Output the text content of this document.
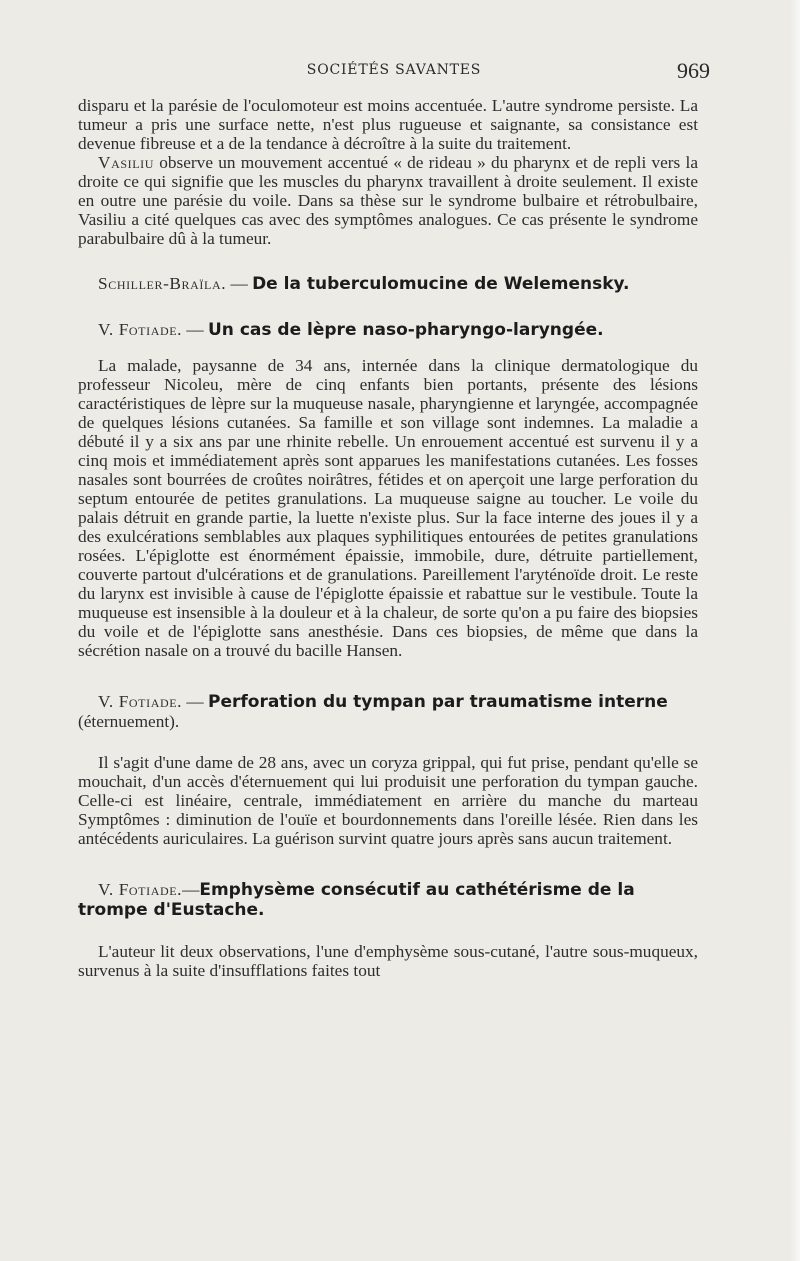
SOCIÉTÉS SAVANTES	969

disparu et la parésie de l'oculomoteur est moins accentuée. L'autre syndrome persiste. La tumeur a pris une surface nette, n'est plus rugueuse et saignante, sa consistance est devenue fibreuse et a de la tendance à décroître à la suite du traitement.

Vasiliu observe un mouvement accentué « de rideau » du pharynx et de repli vers la droite ce qui signifie que les muscles du pharynx travaillent à droite seulement. Il existe en outre une parésie du voile. Dans sa thèse sur le syndrome bulbaire et rétrobulbaire, Vasiliu a cité quelques cas avec des symptômes analogues. Ce cas présente le syndrome parabulbaire dû à la tumeur.

Schiller-Braïla. — De la tuberculomucine de Welemensky.

V. Fotiade. — Un cas de lèpre naso-pharyngo-laryngée.

La malade, paysanne de 34 ans, internée dans la clinique dermatologique du professeur Nicoleu, mère de cinq enfants bien portants, présente des lésions caractéristiques de lèpre sur la muqueuse nasale, pharyngienne et laryngée, accompagnée de quelques lésions cutanées. Sa famille et son village sont indemnes. La maladie a débuté il y a six ans par une rhinite rebelle. Un enrouement accentué est survenu il y a cinq mois et immédiatement après sont apparues les manifestations cutanées. Les fosses nasales sont bourrées de croûtes noirâtres, fétides et on aperçoit une large perforation du septum entourée de petites granulations. La muqueuse saigne au toucher. Le voile du palais détruit en grande partie, la luette n'existe plus. Sur la face interne des joues il y a des exulcérations semblables aux plaques syphilitiques entourées de petites granulations rosées. L'épiglotte est énormément épaissie, immobile, dure, détruite partiellement, couverte partout d'ulcérations et de granulations. Pareillement l'aryténoïde droit. Le reste du larynx est invisible à cause de l'épiglotte épaissie et rabattue sur le vestibule. Toute la muqueuse est insensible à la douleur et à la chaleur, de sorte qu'on a pu faire des biopsies du voile et de l'épiglotte sans anesthésie. Dans ces biopsies, de même que dans la sécrétion nasale on a trouvé du bacille Hansen.

V. Fotiade. — Perforation du tympan par traumatisme interne (éternuement).

Il s'agit d'une dame de 28 ans, avec un coryza grippal, qui fut prise, pendant qu'elle se mouchait, d'un accès d'éternuement qui lui produisit une perforation du tympan gauche. Celle-ci est linéaire, centrale, immédiatement en arrière du manche du marteau Symptômes : diminution de l'ouïe et bourdonnements dans l'oreille lésée. Rien dans les antécédents auriculaires. La guérison survint quatre jours après sans aucun traitement.

V. Fotiade.—Emphysème consécutif au cathétérisme de la trompe d'Eustache.

L'auteur lit deux observations, l'une d'emphysème sous-cutané, l'autre sous-muqueux, survenus à la suite d'insufflations faites tout
